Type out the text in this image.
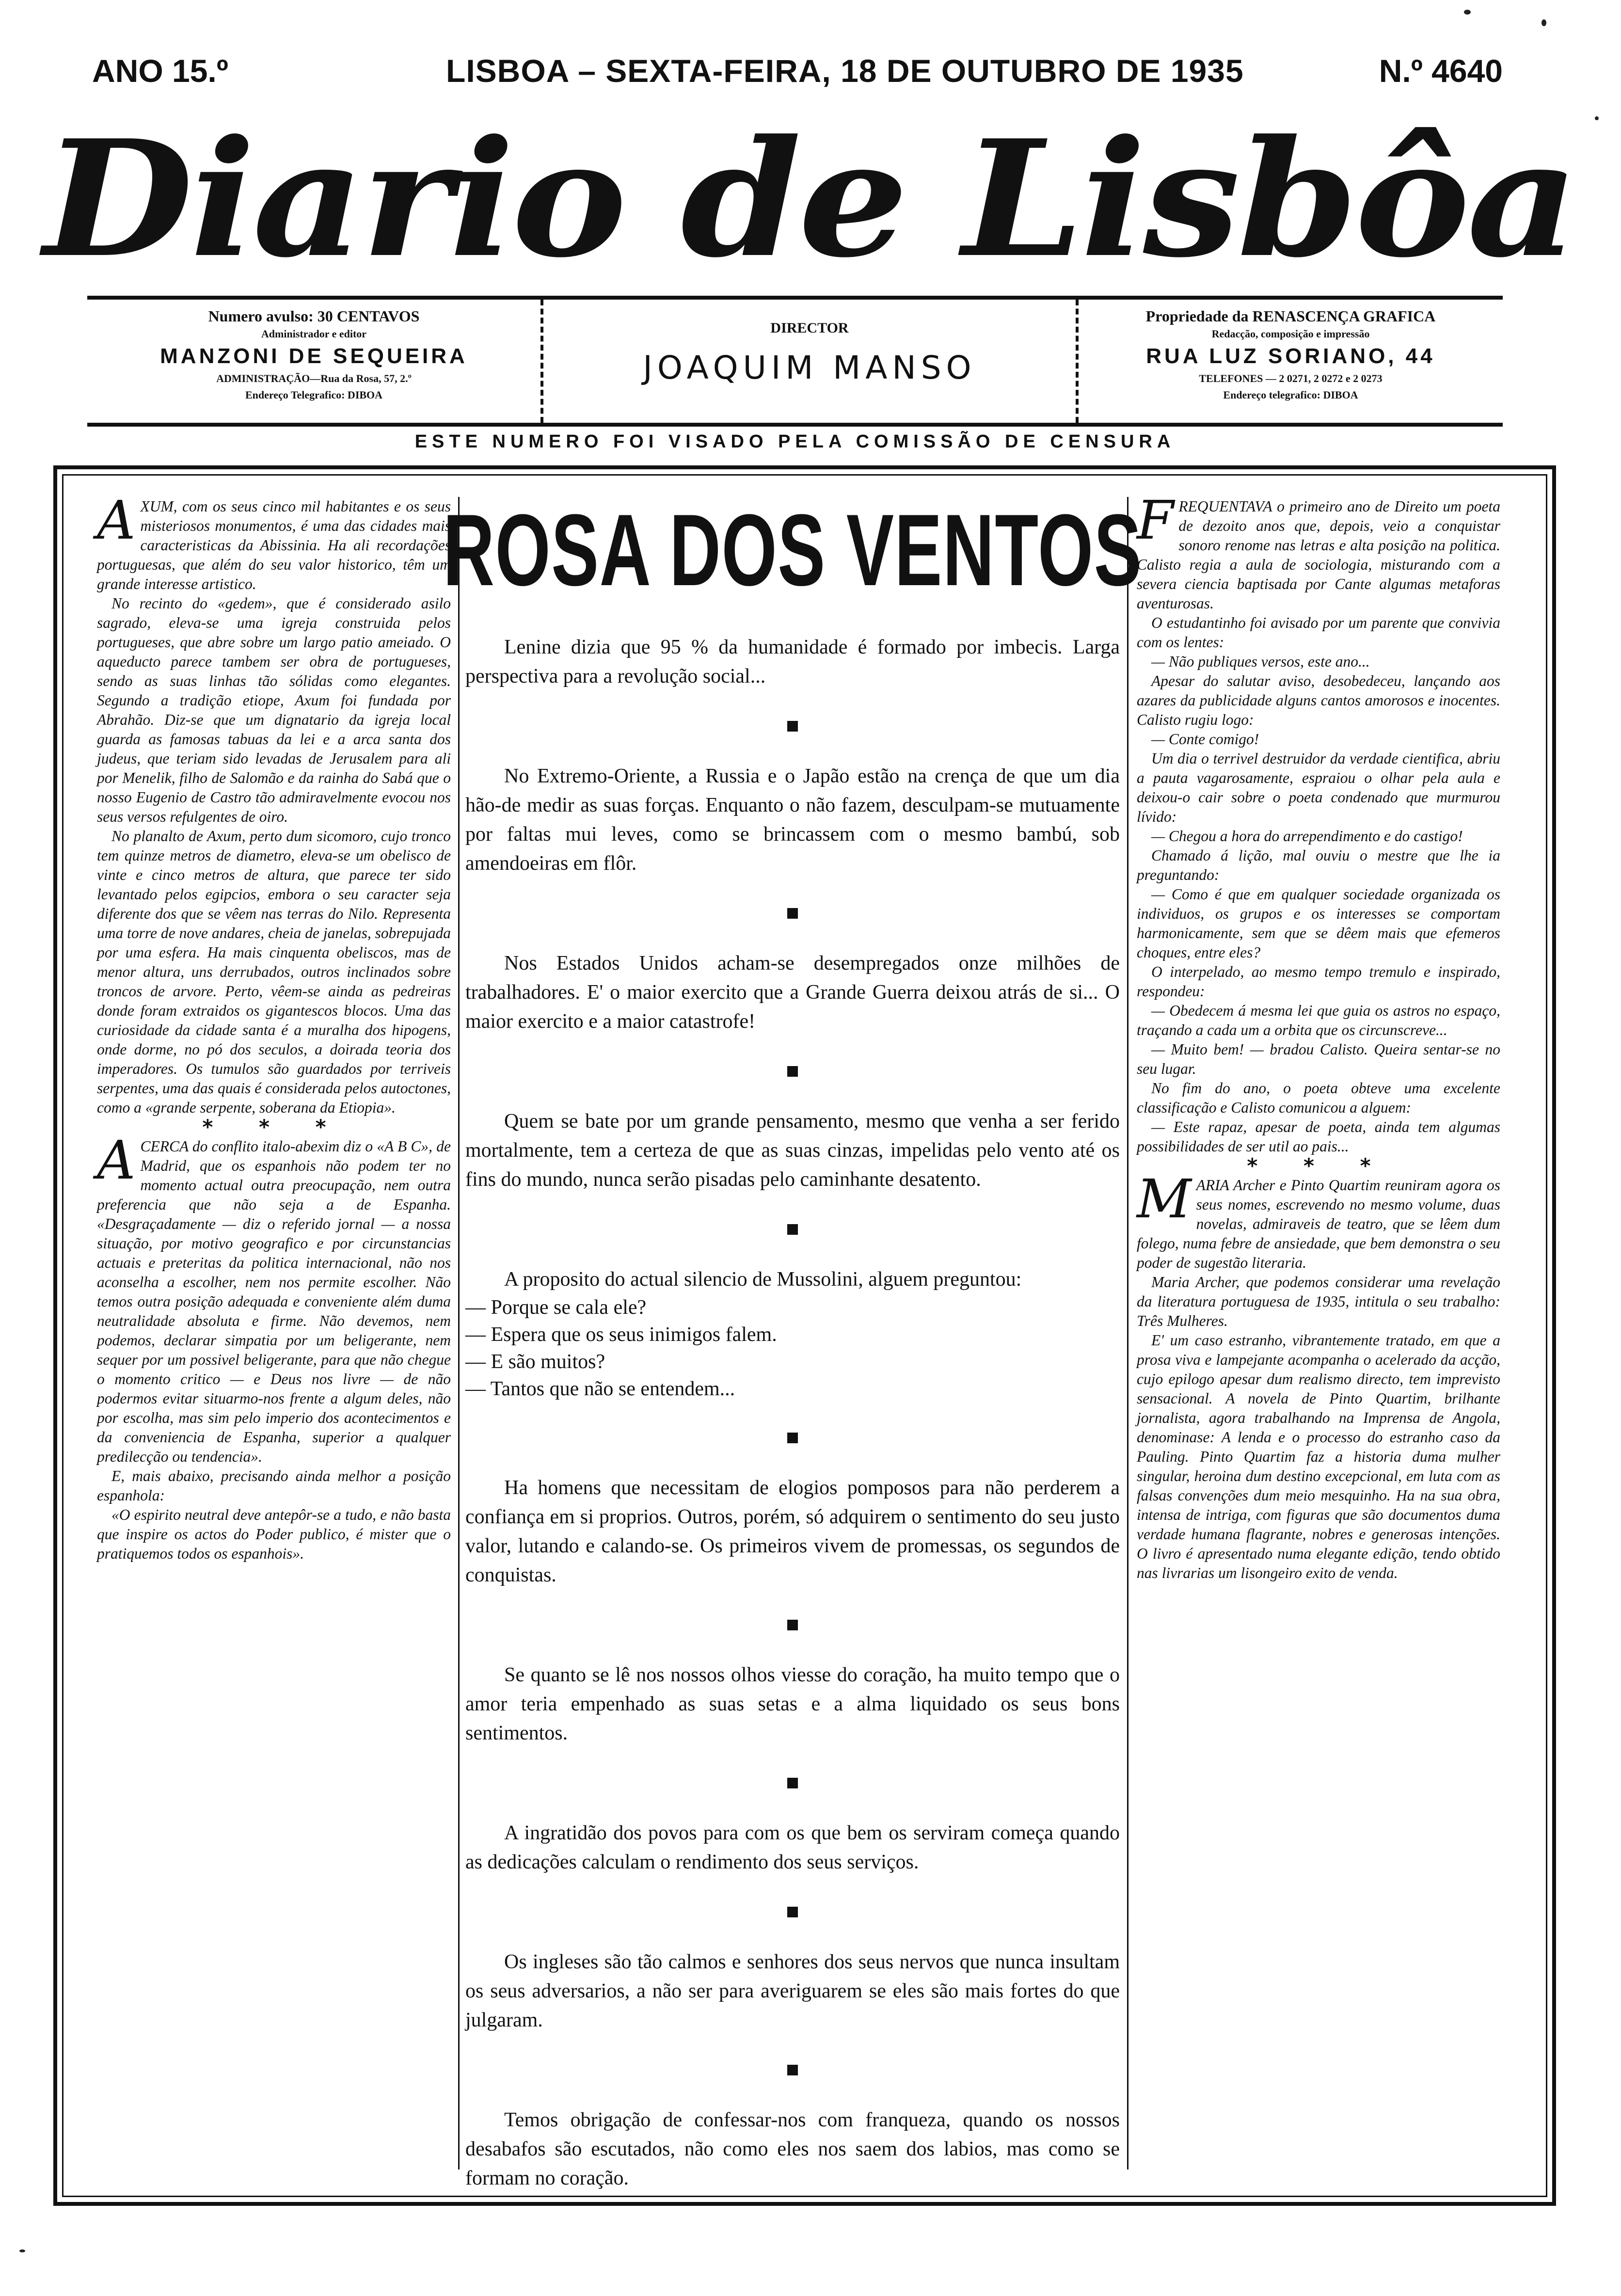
ANO 15.º	LISBOA – SEXTA-FEIRA, 18 DE OUTUBRO DE 1935	N.º 4640
Diario de Lisbôa
Numero avulso: 30 CENTAVOS
Administrador e editor
MANZONI DE SEQUEIRA
ADMINISTRAÇÃO—Rua da Rosa, 57, 2.º
Endereço Telegrafico: DIBOA
DIRECTOR
JOAQUIM MANSO
Propriedade da RENASCENÇA GRAFICA
Redacção, composição e impressão
RUA LUZ SORIANO, 44
TELEFONES — 2 0271, 2 0272 e 2 0273
Endereço telegrafico: DIBOA
ESTE NUMERO FOI VISADO PELA COMISSÃO DE CENSURA

AXUM, com os seus cinco mil habitantes e os seus misteriosos monumentos, é uma das cidades mais caracteristicas da Abissinia. Ha ali recordações portuguesas, que além do seu valor historico, têm um grande interesse artistico.

No recinto do «gedem», que é considerado asilo sagrado, eleva-se uma igreja construida pelos portugueses, que abre sobre um largo patio ameiado. O aqueducto parece tambem ser obra de portugueses, sendo as suas linhas tão sólidas como elegantes. Segundo a tradição etiope, Axum foi fundada por Abrahão. Diz-se que um dignatario da igreja local guarda as famosas tabuas da lei e a arca santa dos judeus, que teriam sido levadas de Jerusalem para ali por Menelik, filho de Salomão e da rainha do Sabá que o nosso Eugenio de Castro tão admiravelmente evocou nos seus versos refulgentes de oiro.

No planalto de Axum, perto dum sicomoro, cujo tronco tem quinze metros de diametro, eleva-se um obelisco de vinte e cinco metros de altura, que parece ter sido levantado pelos egipcios, embora o seu caracter seja diferente dos que se vêem nas terras do Nilo. Representa uma torre de nove andares, cheia de janelas, sobrepujada por uma esfera. Ha mais cinquenta obeliscos, mas de menor altura, uns derrubados, outros inclinados sobre troncos de arvore. Perto, vêem-se ainda as pedreiras donde foram extraidos os gigantescos blocos. Uma das curiosidade da cidade santa é a muralha dos hipogens, onde dorme, no pó dos seculos, a doirada teoria dos imperadores. Os tumulos são guardados por terriveis serpentes, uma das quais é considerada pelos autoctones, como a «grande serpente, soberana da Etiopia».

* * *

ACERCA do conflito italo-abexim diz o «A B C», de Madrid, que os espanhois não podem ter no momento actual outra preocupação, nem outra preferencia que não seja a de Espanha. «Desgraçadamente — diz o referido jornal — a nossa situação, por motivo geografico e por circunstancias actuais e preteritas da politica internacional, não nos aconselha a escolher, nem nos permite escolher. Não temos outra posição adequada e conveniente além duma neutralidade absoluta e firme. Não devemos, nem podemos, declarar simpatia por um beligerante, nem sequer por um possivel beligerante, para que não chegue o momento critico — e Deus nos livre — de não podermos evitar situarmo-nos frente a algum deles, não por escolha, mas sim pelo imperio dos acontecimentos e da conveniencia de Espanha, superior a qualquer predilecção ou tendencia».

E, mais abaixo, precisando ainda melhor a posição espanhola:

«O espirito neutral deve antepôr-se a tudo, e não basta que inspire os actos do Poder publico, é mister que o pratiquemos todos os espanhois».

ROSA DOS VENTOS

Lenine dizia que 95 % da humanidade é formado por imbecis. Larga perspectiva para a revolução social...

No Extremo-Oriente, a Russia e o Japão estão na crença de que um dia hão-de medir as suas forças. Enquanto o não fazem, desculpam-se mutuamente por faltas mui leves, como se brincassem com o mesmo bambú, sob amendoeiras em flôr.

Nos Estados Unidos acham-se desempregados onze milhões de trabalhadores. E' o maior exercito que a Grande Guerra deixou atrás de si... O maior exercito e a maior catastrofe!

Quem se bate por um grande pensamento, mesmo que venha a ser ferido mortalmente, tem a certeza de que as suas cinzas, impelidas pelo vento até os fins do mundo, nunca serão pisadas pelo caminhante desatento.

A proposito do actual silencio de Mussolini, alguem preguntou:

— Porque se cala ele?

— Espera que os seus inimigos falem.

— E são muitos?

— Tantos que não se entendem...

Ha homens que necessitam de elogios pomposos para não perderem a confiança em si proprios. Outros, porém, só adquirem o sentimento do seu justo valor, lutando e calando-se. Os primeiros vivem de promessas, os segundos de conquistas.

Se quanto se lê nos nossos olhos viesse do coração, ha muito tempo que o amor teria empenhado as suas setas e a alma liquidado os seus bons sentimentos.

A ingratidão dos povos para com os que bem os serviram começa quando as dedicações calculam o rendimento dos seus serviços.

Os ingleses são tão calmos e senhores dos seus nervos que nunca insultam os seus adversarios, a não ser para averiguarem se eles são mais fortes do que julgaram.

Temos obrigação de confessar-nos com franqueza, quando os nossos desabafos são escutados, não como eles nos saem dos labios, mas como se formam no coração.

FREQUENTAVA o primeiro ano de Direito um poeta de dezoito anos que, depois, veio a conquistar sonoro renome nas letras e alta posição na politica. Calisto regia a aula de sociologia, misturando com a severa ciencia baptisada por Cante algumas metaforas aventurosas.

O estudantinho foi avisado por um parente que convivia com os lentes:

— Não publiques versos, este ano...

Apesar do salutar aviso, desobedeceu, lançando aos azares da publicidade alguns cantos amorosos e inocentes. Calisto rugiu logo:

— Conte comigo!

Um dia o terrivel destruidor da verdade cientifica, abriu a pauta vagarosamente, espraiou o olhar pela aula e deixou-o cair sobre o poeta condenado que murmurou lívido:

— Chegou a hora do arrependimento e do castigo!

Chamado á lição, mal ouviu o mestre que lhe ia preguntando:

— Como é que em qualquer sociedade organizada os individuos, os grupos e os interesses se comportam harmonicamente, sem que se dêem mais que efemeros choques, entre eles?

O interpelado, ao mesmo tempo tremulo e inspirado, respondeu:

— Obedecem á mesma lei que guia os astros no espaço, traçando a cada um a orbita que os circunscreve...

— Muito bem! — bradou Calisto. Queira sentar-se no seu lugar.

No fim do ano, o poeta obteve uma excelente classificação e Calisto comunicou a alguem:

— Este rapaz, apesar de poeta, ainda tem algumas possibilidades de ser util ao pais...

* * *

MARIA Archer e Pinto Quartim reuniram agora os seus nomes, escrevendo no mesmo volume, duas novelas, admiraveis de teatro, que se lêem dum folego, numa febre de ansiedade, que bem demonstra o seu poder de sugestão literaria.

Maria Archer, que podemos considerar uma revelação da literatura portuguesa de 1935, intitula o seu trabalho: Três Mulheres.

E' um caso estranho, vibrantemente tratado, em que a prosa viva e lampejante acompanha o acelerado da acção, cujo epilogo apesar dum realismo directo, tem imprevisto sensacional. A novela de Pinto Quartim, brilhante jornalista, agora trabalhando na Imprensa de Angola, denominase: A lenda e o processo do estranho caso da Pauling. Pinto Quartim faz a historia duma mulher singular, heroina dum destino excepcional, em luta com as falsas convenções dum meio mesquinho. Ha na sua obra, intensa de intriga, com figuras que são documentos duma verdade humana flagrante, nobres e generosas intenções. O livro é apresentado numa elegante edição, tendo obtido nas livrarias um lisongeiro exito de venda.
